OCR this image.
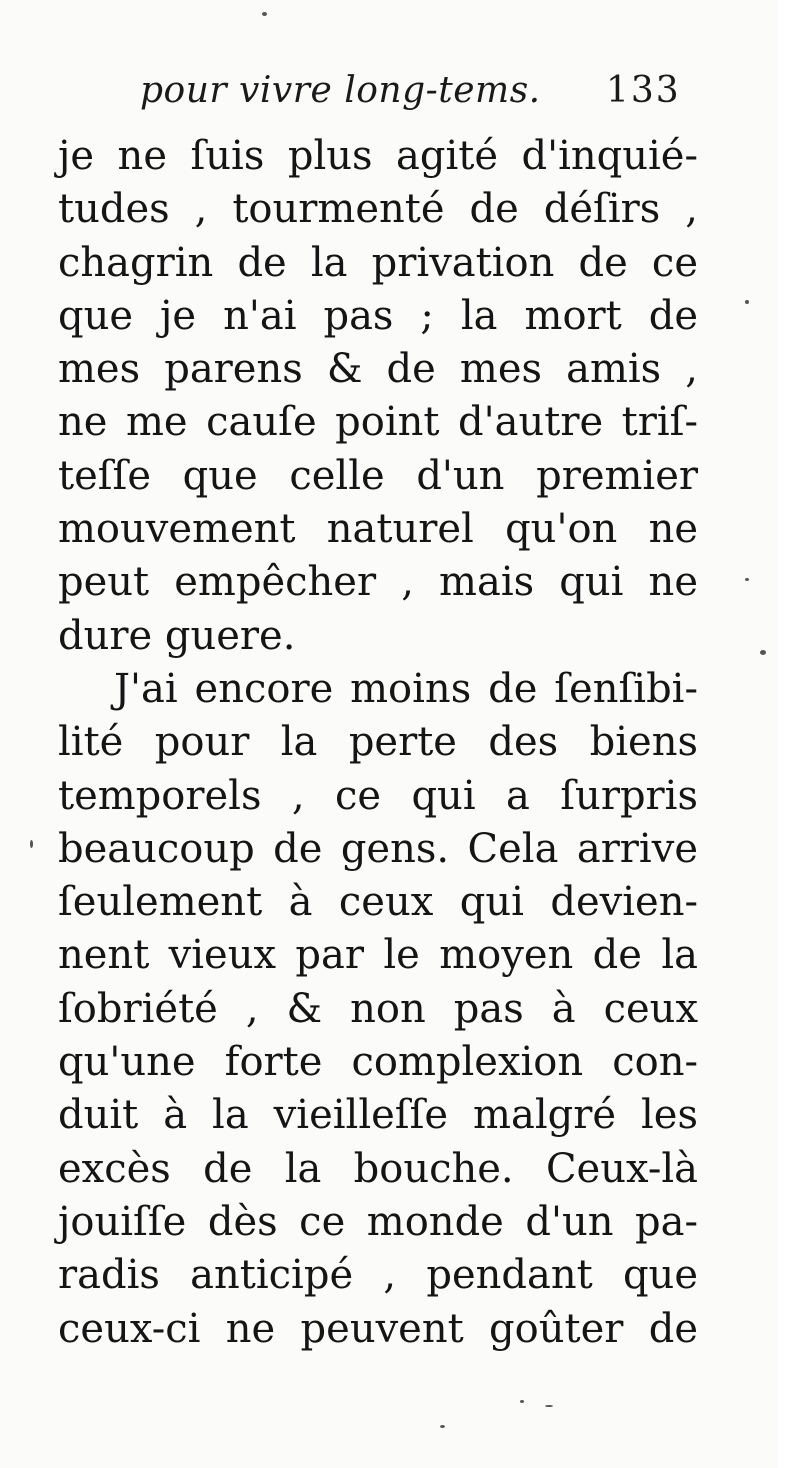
pour vivre long-tems. 133
je ne ſuis plus agité d'inquié-
tudes , tourmenté de déſirs ,
chagrin de la privation de ce
que je n'ai pas ; la mort de
mes parens & de mes amis ,
ne me cauſe point d'autre triſ-
teſſe que celle d'un premier
mouvement naturel qu'on ne
peut empêcher , mais qui ne
dure guere.
J'ai encore moins de ſenſibi-
lité pour la perte des biens
temporels , ce qui a ſurpris
beaucoup de gens. Cela arrive
ſeulement à ceux qui devien-
nent vieux par le moyen de la
ſobriété , & non pas à ceux
qu'une forte complexion con-
duit à la vieilleſſe malgré les
excès de la bouche. Ceux-là
jouiſſe dès ce monde d'un pa-
radis anticipé , pendant que
ceux-ci ne peuvent goûter de
